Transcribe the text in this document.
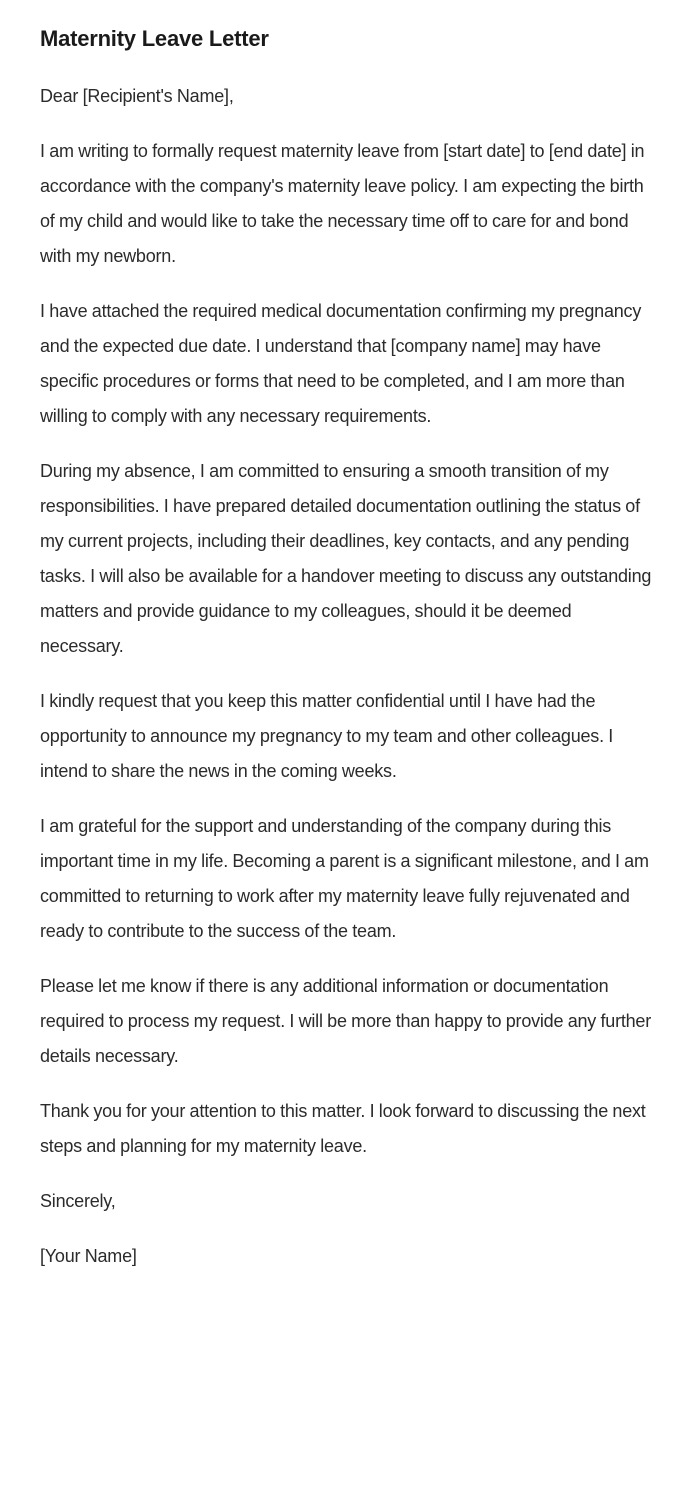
Maternity Leave Letter

Dear [Recipient's Name],

I am writing to formally request maternity leave from [start date] to [end date] in accordance with the company's maternity leave policy. I am expecting the birth of my child and would like to take the necessary time off to care for and bond with my newborn.

I have attached the required medical documentation confirming my pregnancy and the expected due date. I understand that [company name] may have specific procedures or forms that need to be completed, and I am more than willing to comply with any necessary requirements.

During my absence, I am committed to ensuring a smooth transition of my responsibilities. I have prepared detailed documentation outlining the status of my current projects, including their deadlines, key contacts, and any pending tasks. I will also be available for a handover meeting to discuss any outstanding matters and provide guidance to my colleagues, should it be deemed necessary.

I kindly request that you keep this matter confidential until I have had the opportunity to announce my pregnancy to my team and other colleagues. I intend to share the news in the coming weeks.

I am grateful for the support and understanding of the company during this important time in my life. Becoming a parent is a significant milestone, and I am committed to returning to work after my maternity leave fully rejuvenated and ready to contribute to the success of the team.

Please let me know if there is any additional information or documentation required to process my request. I will be more than happy to provide any further details necessary.

Thank you for your attention to this matter. I look forward to discussing the next steps and planning for my maternity leave.

Sincerely,

[Your Name]
